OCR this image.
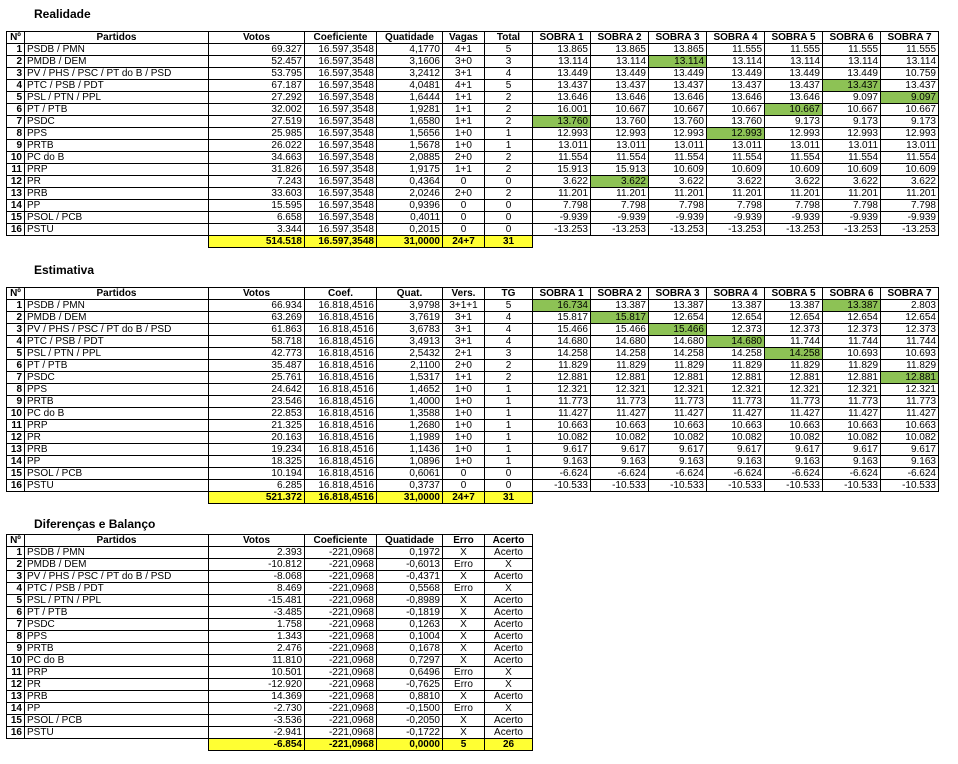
Realidade
Nº	Partidos	Votos	Coeficiente	Quatidade	Vagas	Total	SOBRA 1	SOBRA 2	SOBRA 3	SOBRA 4	SOBRA 5	SOBRA 6	SOBRA 7
1	PSDB / PMN	69.327	16.597,3548	4,1770	4+1	5	13.865	13.865	13.865	11.555	11.555	11.555	11.555
2	PMDB / DEM	52.457	16.597,3548	3,1606	3+0	3	13.114	13.114	13.114	13.114	13.114	13.114	13.114
3	PV / PHS / PSC / PT do B / PSD	53.795	16.597,3548	3,2412	3+1	4	13.449	13.449	13.449	13.449	13.449	13.449	10.759
4	PTC / PSB / PDT	67.187	16.597,3548	4,0481	4+1	5	13.437	13.437	13.437	13.437	13.437	13.437	13.437
5	PSL / PTN / PPL	27.292	16.597,3548	1,6444	1+1	2	13.646	13.646	13.646	13.646	13.646	9.097	9.097
6	PT / PTB	32.002	16.597,3548	1,9281	1+1	2	16.001	10.667	10.667	10.667	10.667	10.667	10.667
7	PSDC	27.519	16.597,3548	1,6580	1+1	2	13.760	13.760	13.760	13.760	9.173	9.173	9.173
8	PPS	25.985	16.597,3548	1,5656	1+0	1	12.993	12.993	12.993	12.993	12.993	12.993	12.993
9	PRTB	26.022	16.597,3548	1,5678	1+0	1	13.011	13.011	13.011	13.011	13.011	13.011	13.011
10	PC do B	34.663	16.597,3548	2,0885	2+0	2	11.554	11.554	11.554	11.554	11.554	11.554	11.554
11	PRP	31.826	16.597,3548	1,9175	1+1	2	15.913	15.913	10.609	10.609	10.609	10.609	10.609
12	PR	7.243	16.597,3548	0,4364	0	0	3.622	3.622	3.622	3.622	3.622	3.622	3.622
13	PRB	33.603	16.597,3548	2,0246	2+0	2	11.201	11.201	11.201	11.201	11.201	11.201	11.201
14	PP	15.595	16.597,3548	0,9396	0	0	7.798	7.798	7.798	7.798	7.798	7.798	7.798
15	PSOL / PCB	6.658	16.597,3548	0,4011	0	0	-9.939	-9.939	-9.939	-9.939	-9.939	-9.939	-9.939
16	PSTU	3.344	16.597,3548	0,2015	0	0	-13.253	-13.253	-13.253	-13.253	-13.253	-13.253	-13.253
		514.518	16.597,3548	31,0000	24+7	31							
Estimativa
Nº	Partidos	Votos	Coef.	Quat.	Vers.	TG	SOBRA 1	SOBRA 2	SOBRA 3	SOBRA 4	SOBRA 5	SOBRA 6	SOBRA 7
1	PSDB / PMN	66.934	16.818,4516	3,9798	3+1+1	5	16.734	13.387	13.387	13.387	13.387	13.387	2.803
2	PMDB / DEM	63.269	16.818,4516	3,7619	3+1	4	15.817	15.817	12.654	12.654	12.654	12.654	12.654
3	PV / PHS / PSC / PT do B / PSD	61.863	16.818,4516	3,6783	3+1	4	15.466	15.466	15.466	12.373	12.373	12.373	12.373
4	PTC / PSB / PDT	58.718	16.818,4516	3,4913	3+1	4	14.680	14.680	14.680	14.680	11.744	11.744	11.744
5	PSL / PTN / PPL	42.773	16.818,4516	2,5432	2+1	3	14.258	14.258	14.258	14.258	14.258	10.693	10.693
6	PT / PTB	35.487	16.818,4516	2,1100	2+0	2	11.829	11.829	11.829	11.829	11.829	11.829	11.829
7	PSDC	25.761	16.818,4516	1,5317	1+1	2	12.881	12.881	12.881	12.881	12.881	12.881	12.881
8	PPS	24.642	16.818,4516	1,4652	1+0	1	12.321	12.321	12.321	12.321	12.321	12.321	12.321
9	PRTB	23.546	16.818,4516	1,4000	1+0	1	11.773	11.773	11.773	11.773	11.773	11.773	11.773
10	PC do B	22.853	16.818,4516	1,3588	1+0	1	11.427	11.427	11.427	11.427	11.427	11.427	11.427
11	PRP	21.325	16.818,4516	1,2680	1+0	1	10.663	10.663	10.663	10.663	10.663	10.663	10.663
12	PR	20.163	16.818,4516	1,1989	1+0	1	10.082	10.082	10.082	10.082	10.082	10.082	10.082
13	PRB	19.234	16.818,4516	1,1436	1+0	1	9.617	9.617	9.617	9.617	9.617	9.617	9.617
14	PP	18.325	16.818,4516	1,0896	1+0	1	9.163	9.163	9.163	9.163	9.163	9.163	9.163
15	PSOL / PCB	10.194	16.818,4516	0,6061	0	0	-6.624	-6.624	-6.624	-6.624	-6.624	-6.624	-6.624
16	PSTU	6.285	16.818,4516	0,3737	0	0	-10.533	-10.533	-10.533	-10.533	-10.533	-10.533	-10.533
		521.372	16.818,4516	31,0000	24+7	31							
Diferenças e Balanço
Nº	Partidos	Votos	Coeficiente	Quatidade	Erro	Acerto
1	PSDB / PMN	2.393	-221,0968	0,1972	X	Acerto
2	PMDB / DEM	-10.812	-221,0968	-0,6013	Erro	X
3	PV / PHS / PSC / PT do B / PSD	-8.068	-221,0968	-0,4371	X	Acerto
4	PTC / PSB / PDT	8.469	-221,0968	0,5568	Erro	X
5	PSL / PTN / PPL	-15.481	-221,0968	-0,8989	X	Acerto
6	PT / PTB	-3.485	-221,0968	-0,1819	X	Acerto
7	PSDC	1.758	-221,0968	0,1263	X	Acerto
8	PPS	1.343	-221,0968	0,1004	X	Acerto
9	PRTB	2.476	-221,0968	0,1678	X	Acerto
10	PC do B	11.810	-221,0968	0,7297	X	Acerto
11	PRP	10.501	-221,0968	0,6496	Erro	X
12	PR	-12.920	-221,0968	-0,7625	Erro	X
13	PRB	14.369	-221,0968	0,8810	X	Acerto
14	PP	-2.730	-221,0968	-0,1500	Erro	X
15	PSOL / PCB	-3.536	-221,0968	-0,2050	X	Acerto
16	PSTU	-2.941	-221,0968	-0,1722	X	Acerto
		-6.854	-221,0968	0,0000	5	26
